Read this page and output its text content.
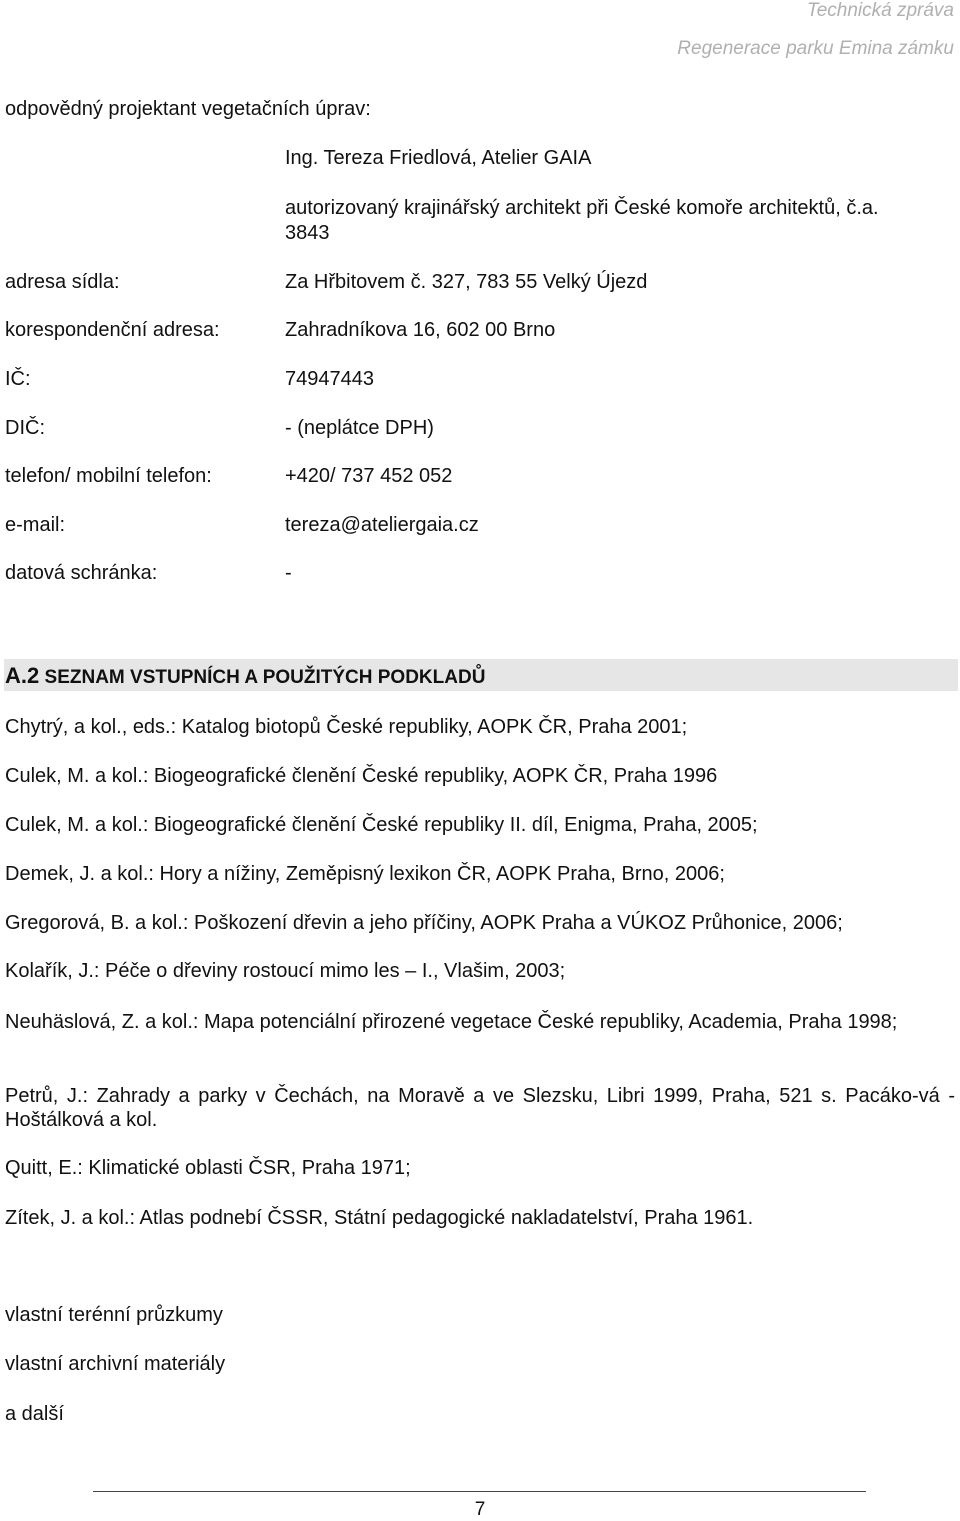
Technická zpráva
Regenerace parku Emina zámku
odpovědný projektant vegetačních úprav:
Ing. Tereza Friedlová, Atelier GAIA
autorizovaný krajinářský architekt při České komoře architektů, č.a.
3843
adresa sídla:	Za Hřbitovem č. 327, 783 55 Velký Újezd
korespondenční adresa:	Zahradníkova 16, 602 00 Brno
IČ:	74947443
DIČ:	- (neplátce DPH)
telefon/ mobilní telefon:	+420/ 737 452 052
e-mail:	tereza@ateliergaia.cz
datová schránka:	-
A.2 SEZNAM VSTUPNÍCH A POUŽITÝCH PODKLADŮ
Chytrý, a kol., eds.: Katalog biotopů České republiky, AOPK ČR, Praha 2001;
Culek, M. a kol.: Biogeografické členění České republiky, AOPK ČR, Praha 1996
Culek, M. a kol.: Biogeografické členění České republiky II. díl, Enigma, Praha, 2005;
Demek, J. a kol.: Hory a nížiny, Zeměpisný lexikon ČR, AOPK Praha, Brno, 2006;
Gregorová, B. a kol.: Poškození dřevin a jeho příčiny, AOPK Praha a VÚKOZ Průhonice, 2006;
Kolařík, J.: Péče o dřeviny rostoucí mimo les – I., Vlašim, 2003;
Neuhäslová, Z. a kol.: Mapa potenciální přirozené vegetace České republiky, Academia, Praha 1998;
Petrů, J.: Zahrady a parky v Čechách, na Moravě a ve Slezsku, Libri 1999, Praha, 521 s. Pacáko-vá - Hoštálková a kol.
Quitt, E.: Klimatické oblasti ČSR, Praha 1971;
Zítek, J. a kol.: Atlas podnebí ČSSR, Státní pedagogické nakladatelství, Praha 1961.
vlastní terénní průzkumy
vlastní archivní materiály
a další
7
